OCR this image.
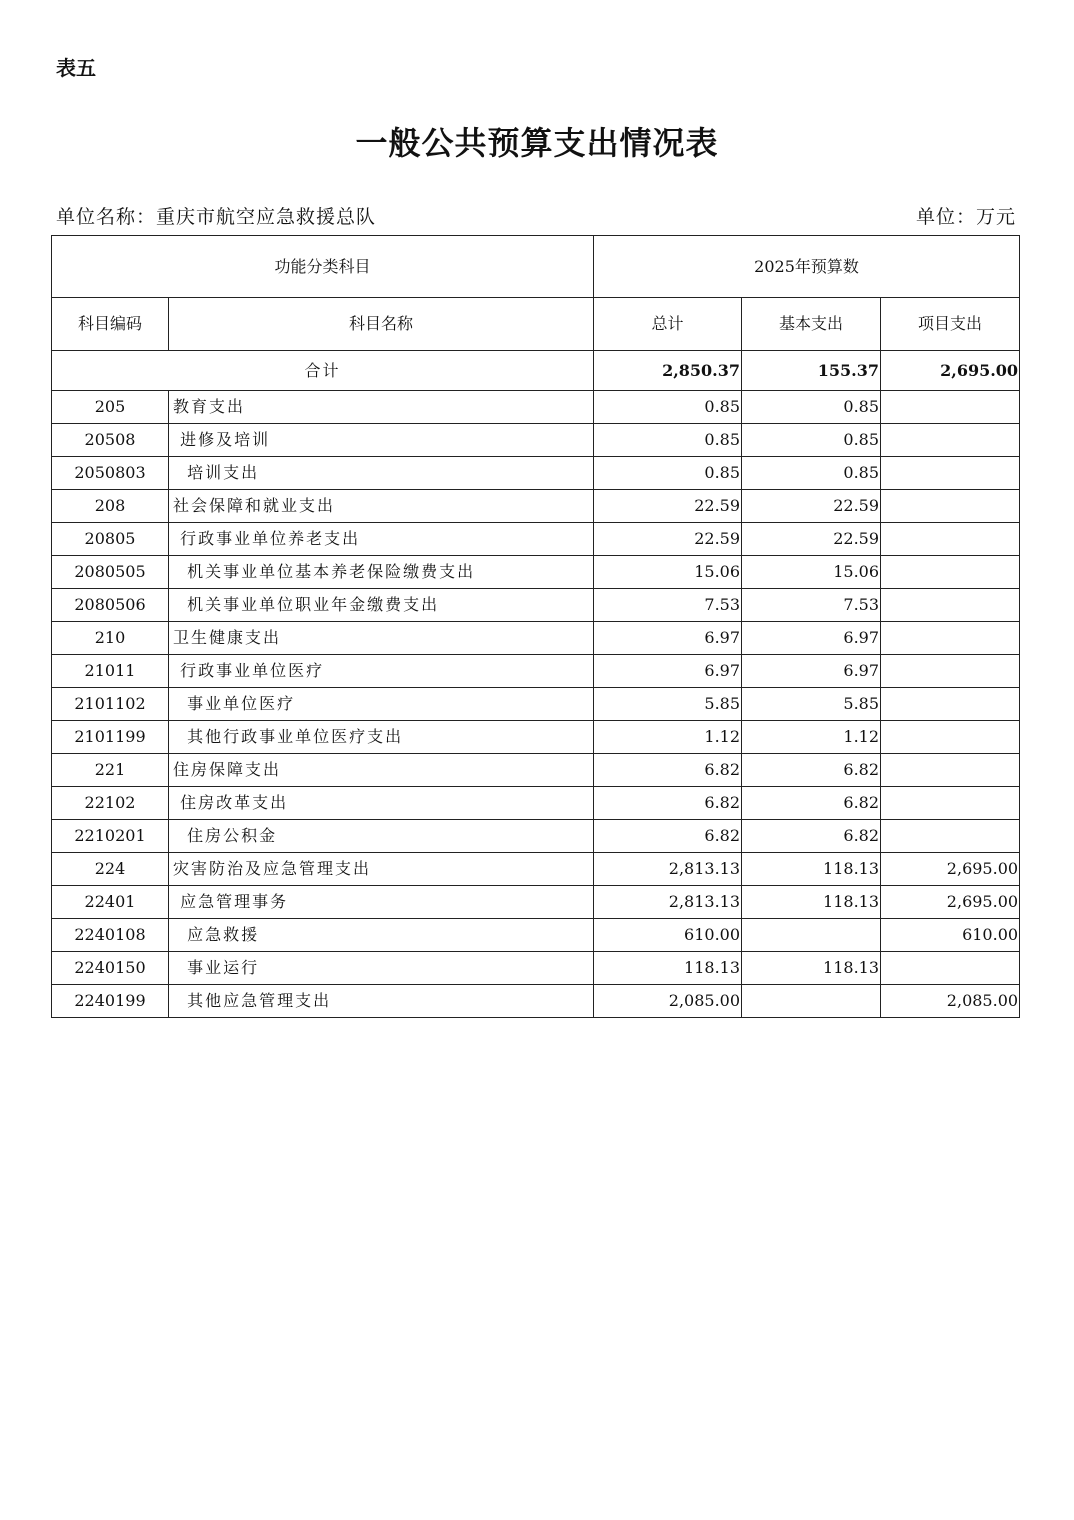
表五
一般公共预算支出情况表
单位名称：重庆市航空应急救援总队	单位：万元
功能分类科目		2025年预算数		
科目编码	科目名称	总计	基本支出	项目支出
合计		2,850.37	155.37	2,695.00
205	教育支出	0.85	0.85	
20508	进修及培训	0.85	0.85	
2050803	培训支出	0.85	0.85	
208	社会保障和就业支出	22.59	22.59	
20805	行政事业单位养老支出	22.59	22.59	
2080505	机关事业单位基本养老保险缴费支出	15.06	15.06	
2080506	机关事业单位职业年金缴费支出	7.53	7.53	
210	卫生健康支出	6.97	6.97	
21011	行政事业单位医疗	6.97	6.97	
2101102	事业单位医疗	5.85	5.85	
2101199	其他行政事业单位医疗支出	1.12	1.12	
221	住房保障支出	6.82	6.82	
22102	住房改革支出	6.82	6.82	
2210201	住房公积金	6.82	6.82	
224	灾害防治及应急管理支出	2,813.13	118.13	2,695.00
22401	应急管理事务	2,813.13	118.13	2,695.00
2240108	应急救援	610.00		610.00
2240150	事业运行	118.13	118.13	
2240199	其他应急管理支出	2,085.00		2,085.00
